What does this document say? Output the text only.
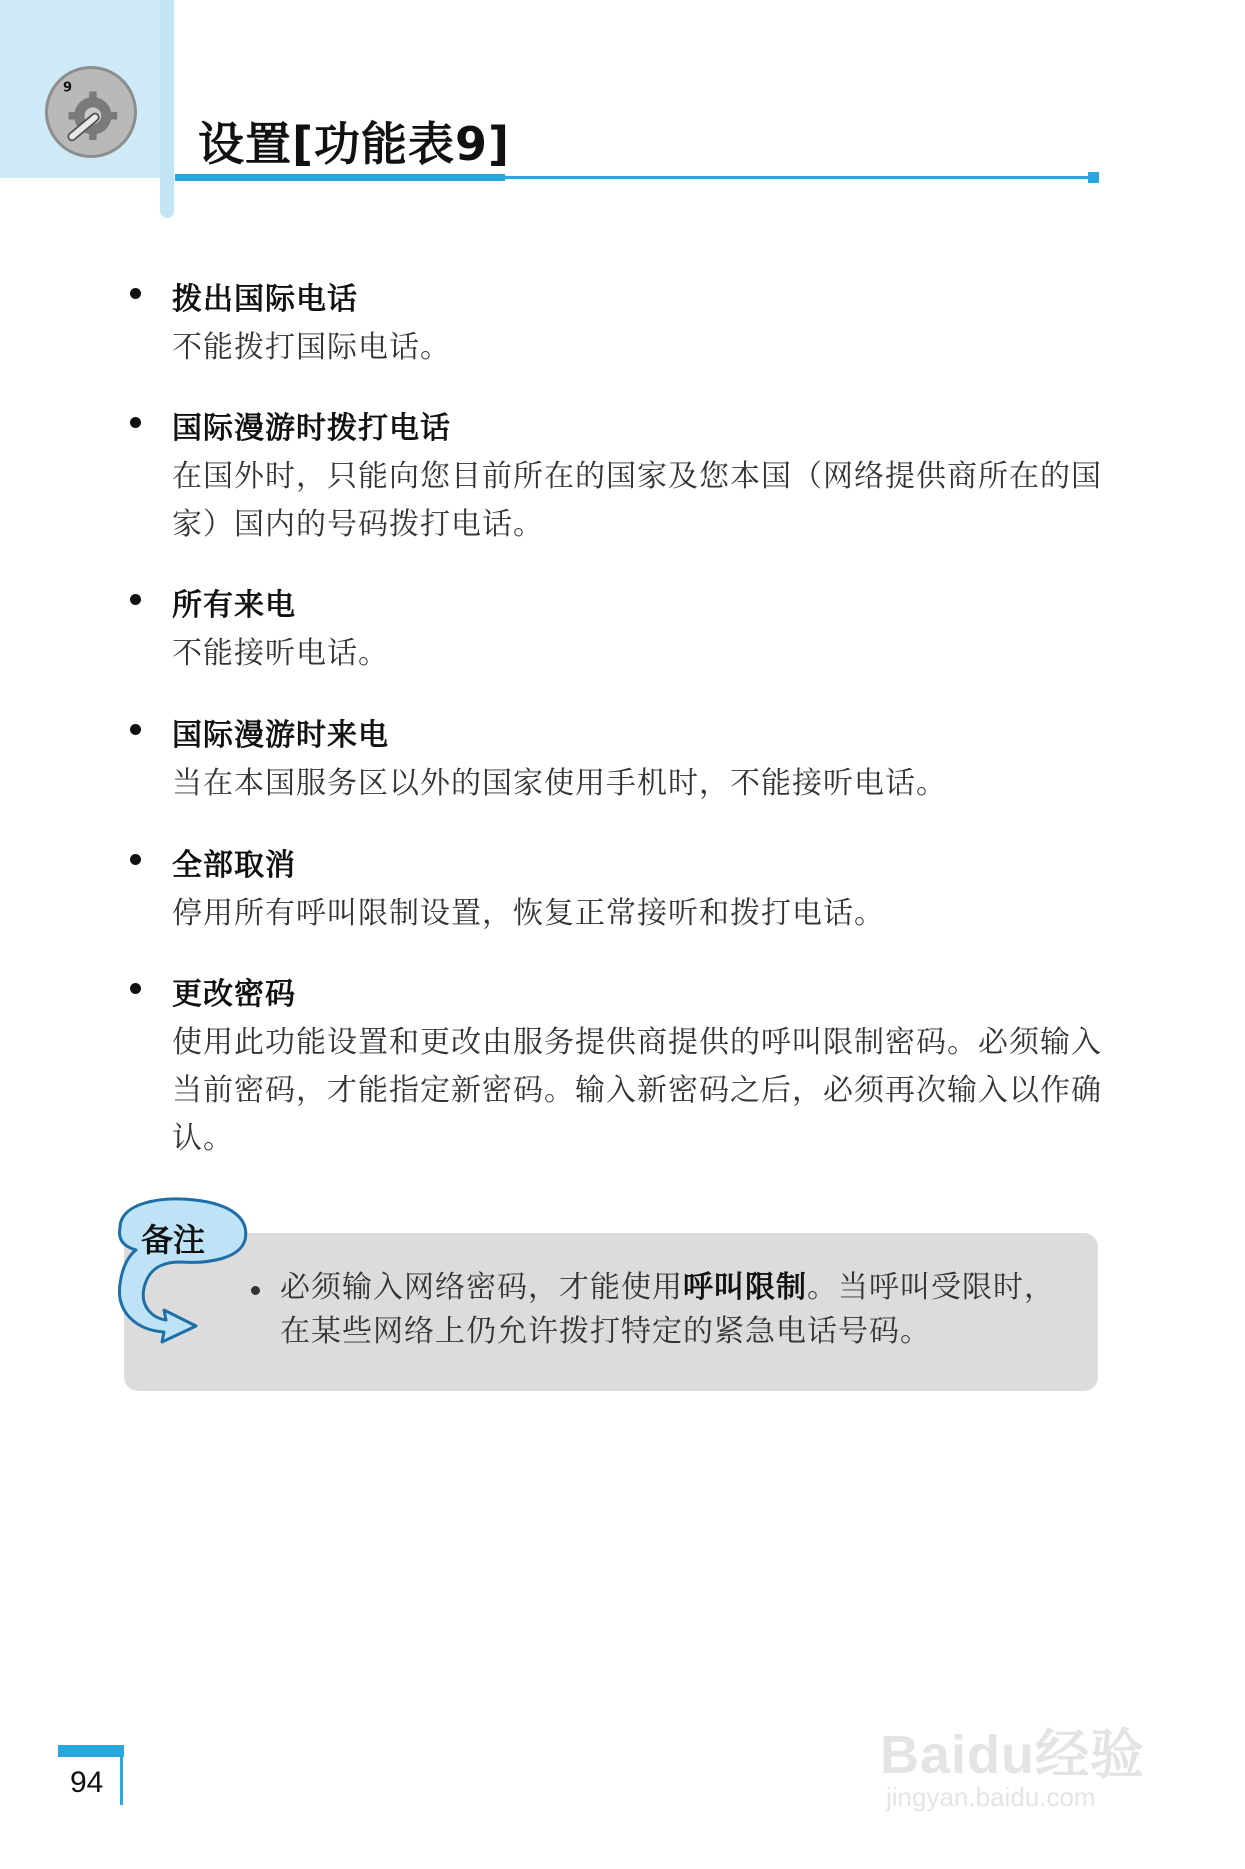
9
设置[功能表9]
拨出国际电话
不能拨打国际电话。
国际漫游时拨打电话
在国外时，只能向您目前所在的国家及您本国（网络提供商所在的国家）国内的号码拨打电话。
所有来电
不能接听电话。
国际漫游时来电
当在本国服务区以外的国家使用手机时，不能接听电话。
全部取消
停用所有呼叫限制设置，恢复正常接听和拨打电话。
更改密码
使用此功能设置和更改由服务提供商提供的呼叫限制密码。必须输入当前密码，才能指定新密码。输入新密码之后，必须再次输入以作确认。
备注
必须输入网络密码，才能使用呼叫限制。当呼叫受限时，在某些网络上仍允许拨打特定的紧急电话号码。
94	Baidu经验
jingyan.baidu.com
